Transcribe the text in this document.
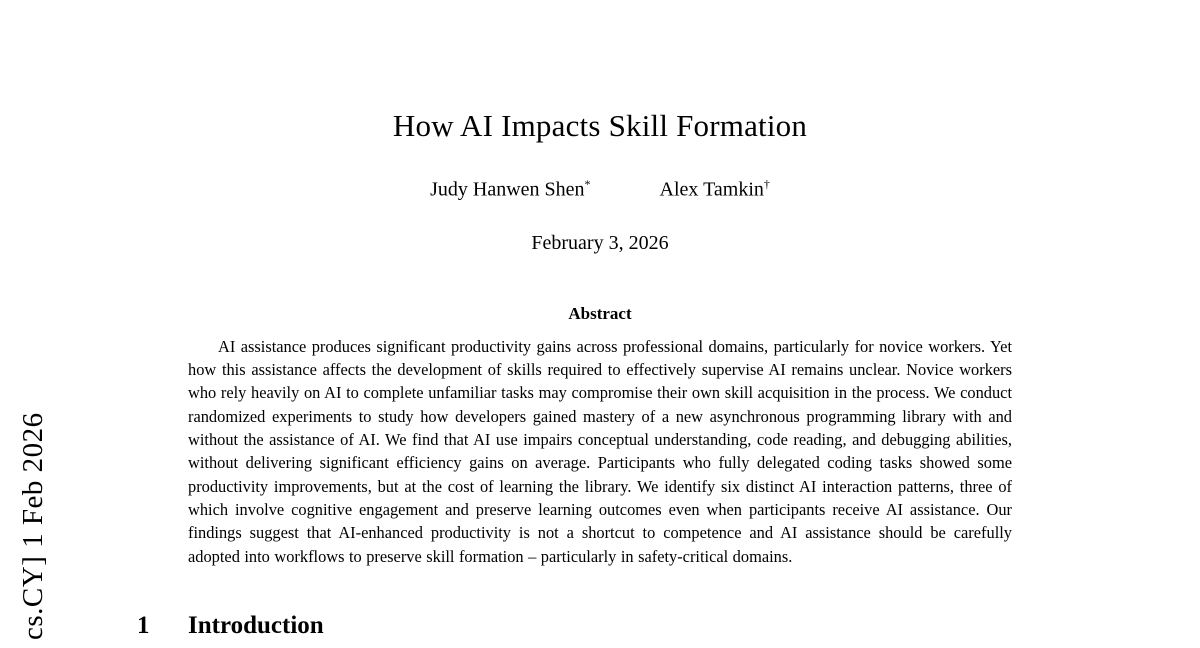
cs.CY] 1 Feb 2026
How AI Impacts Skill Formation
Judy Hanwen Shen*	Alex Tamkin†
February 3, 2026
Abstract
AI assistance produces significant productivity gains across professional domains, particularly for novice workers. Yet how this assistance affects the development of skills required to effectively supervise AI remains unclear. Novice workers who rely heavily on AI to complete unfamiliar tasks may compromise their own skill acquisition in the process. We conduct randomized experiments to study how developers gained mastery of a new asynchronous programming library with and without the assistance of AI. We find that AI use impairs conceptual understanding, code reading, and debugging abilities, without delivering significant efficiency gains on average. Participants who fully delegated coding tasks showed some productivity improvements, but at the cost of learning the library. We identify six distinct AI interaction patterns, three of which involve cognitive engagement and preserve learning outcomes even when participants receive AI assistance. Our findings suggest that AI-enhanced productivity is not a shortcut to competence and AI assistance should be carefully adopted into workflows to preserve skill formation – particularly in safety-critical domains.
1	Introduction
